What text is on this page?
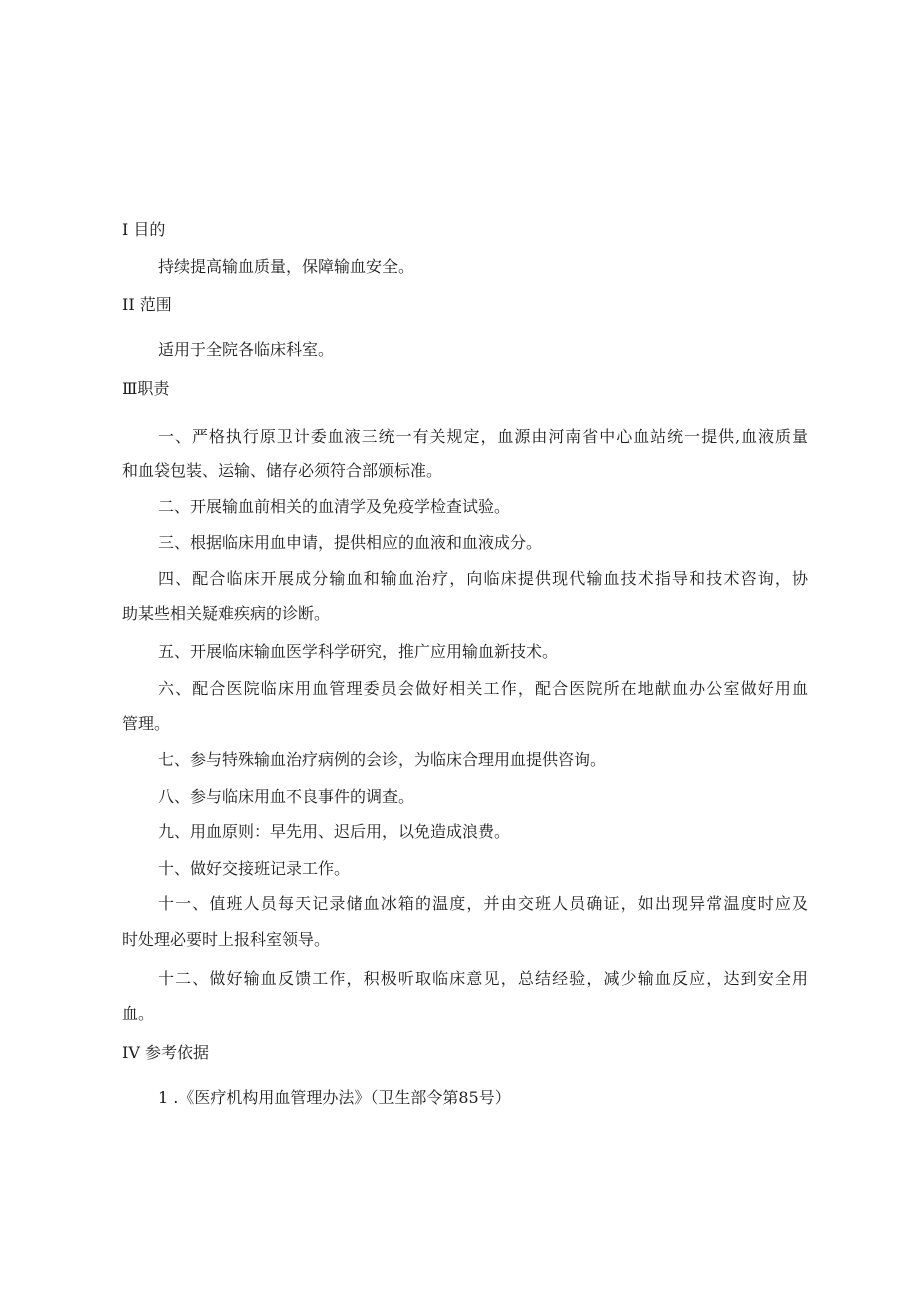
I 目的
持续提高输血质量，保障输血安全。
II 范围
适用于全院各临床科室。
Ⅲ职责
一、严格执行原卫计委血液三统一有关规定，血源由河南省中心血站统一提供,血液质量
和血袋包装、运输、储存必须符合部颁标准。
二、开展输血前相关的血清学及免疫学检查试验。
三、根据临床用血申请，提供相应的血液和血液成分。
四、配合临床开展成分输血和输血治疗，向临床提供现代输血技术指导和技术咨询，协
助某些相关疑难疾病的诊断。
五、开展临床输血医学科学研究，推广应用输血新技术。
六、配合医院临床用血管理委员会做好相关工作，配合医院所在地献血办公室做好用血
管理。
七、参与特殊输血治疗病例的会诊，为临床合理用血提供咨询。
八、参与临床用血不良事件的调查。
九、用血原则：早先用、迟后用，以免造成浪费。
十、做好交接班记录工作。
十一、值班人员每天记录储血冰箱的温度，并由交班人员确证，如出现异常温度时应及
时处理必要时上报科室领导。
十二、做好输血反馈工作，积极听取临床意见，总结经验，减少输血反应，达到安全用
血。
IV 参考依据
1 .《医疗机构用血管理办法》（卫生部令第85号）
